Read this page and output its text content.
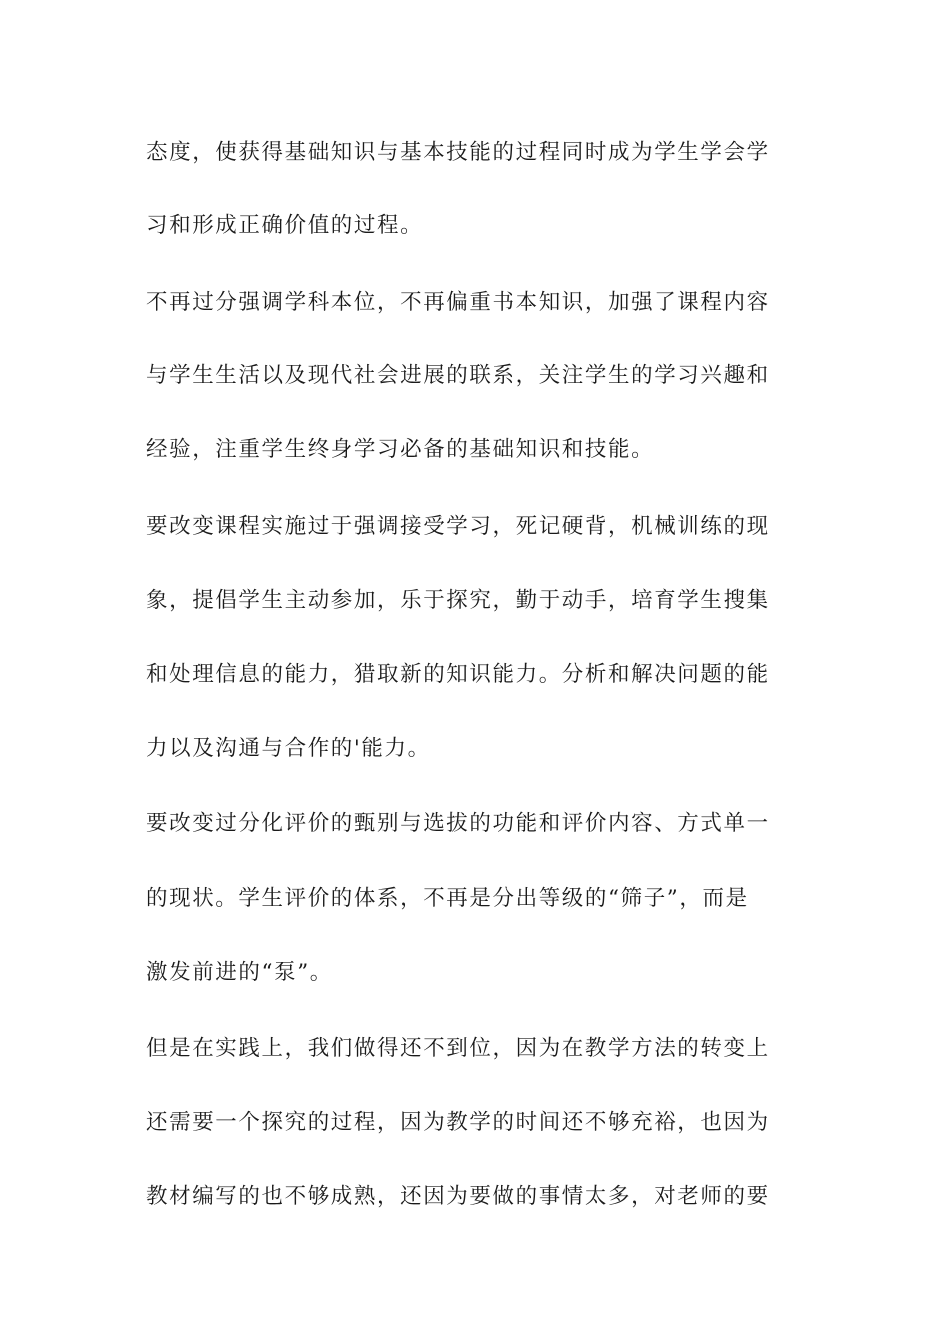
态度，使获得基础知识与基本技能的过程同时成为学生学会学
习和形成正确价值的过程。
不再过分强调学科本位，不再偏重书本知识，加强了课程内容
与学生生活以及现代社会进展的联系，关注学生的学习兴趣和
经验，注重学生终身学习必备的基础知识和技能。
要改变课程实施过于强调接受学习，死记硬背，机械训练的现
象，提倡学生主动参加，乐于探究，勤于动手，培育学生搜集
和处理信息的能力，猎取新的知识能力。分析和解决问题的能
力以及沟通与合作的'能力。
要改变过分化评价的甄别与选拔的功能和评价内容、方式单一
的现状。学生评价的体系，不再是分出等级的“筛子”，而是
激发前进的“泵”。
但是在实践上，我们做得还不到位，因为在教学方法的转变上
还需要一个探究的过程，因为教学的时间还不够充裕，也因为
教材编写的也不够成熟，还因为要做的事情太多，对老师的要
